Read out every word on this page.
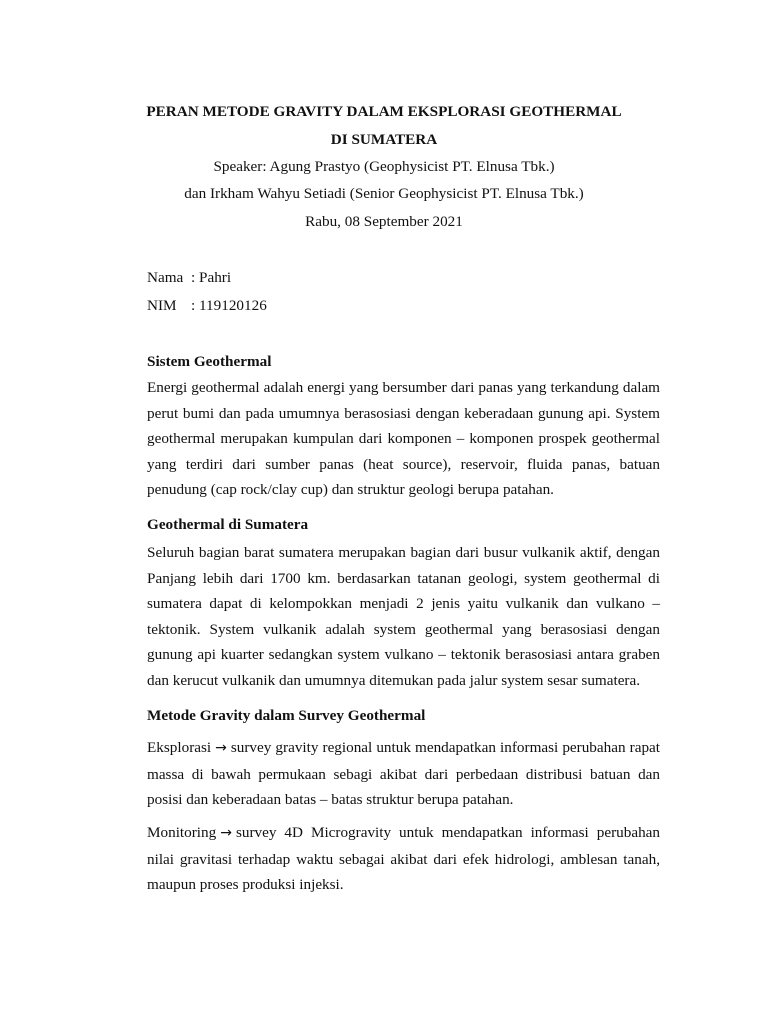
PERAN METODE GRAVITY DALAM EKSPLORASI GEOTHERMAL
DI SUMATERA
Speaker: Agung Prastyo (Geophysicist PT. Elnusa Tbk.)
dan Irkham Wahyu Setiadi (Senior Geophysicist PT. Elnusa Tbk.)
Rabu, 08 September 2021
Nama : Pahri
NIM : 119120126
Sistem Geothermal
Energi geothermal adalah energi yang bersumber dari panas yang terkandung dalam perut bumi dan pada umumnya berasosiasi dengan keberadaan gunung api. System geothermal merupakan kumpulan dari komponen – komponen prospek geothermal yang terdiri dari sumber panas (heat source), reservoir, fluida panas, batuan penudung (cap rock/clay cup) dan struktur geologi berupa patahan.
Geothermal di Sumatera
Seluruh bagian barat sumatera merupakan bagian dari busur vulkanik aktif, dengan Panjang lebih dari 1700 km. berdasarkan tatanan geologi, system geothermal di sumatera dapat di kelompokkan menjadi 2 jenis yaitu vulkanik dan vulkano – tektonik. System vulkanik adalah system geothermal yang berasosiasi dengan gunung api kuarter sedangkan system vulkano – tektonik berasosiasi antara graben dan kerucut vulkanik dan umumnya ditemukan pada jalur system sesar sumatera.
Metode Gravity dalam Survey Geothermal
Eksplorasi → survey gravity regional untuk mendapatkan informasi perubahan rapat massa di bawah permukaan sebagi akibat dari perbedaan distribusi batuan dan posisi dan keberadaan batas – batas struktur berupa patahan.
Monitoring → survey 4D Microgravity untuk mendapatkan informasi perubahan nilai gravitasi terhadap waktu sebagai akibat dari efek hidrologi, amblesan tanah, maupun proses produksi injeksi.
